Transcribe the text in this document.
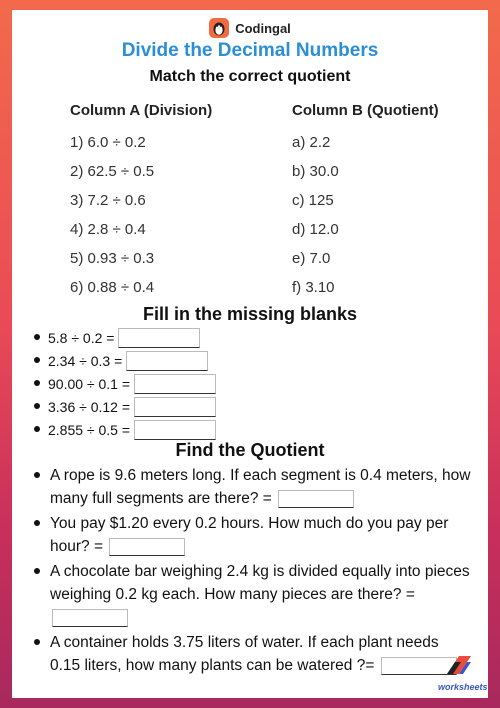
Codingal
Divide the Decimal Numbers
Match the correct quotient
Column A (Division)	Column B (Quotient)
1) 6.0 ÷ 0.2	a) 2.2
2) 62.5 ÷ 0.5	b) 30.0
3) 7.2 ÷ 0.6	c) 125
4) 2.8 ÷ 0.4	d) 12.0
5) 0.93 ÷ 0.3	e) 7.0
6) 0.88 ÷ 0.4	f) 3.10
Fill in the missing blanks
5.8 ÷ 0.2 =
2.34 ÷ 0.3 =
90.00 ÷ 0.1 =
3.36 ÷ 0.12 =
2.855 ÷ 0.5 =
Find the Quotient
A rope is 9.6 meters long. If each segment is 0.4 meters, how many full segments are there? =
You pay $1.20 every 0.2 hours. How much do you pay per hour? =
A chocolate bar weighing 2.4 kg is divided equally into pieces weighing 0.2 kg each. How many pieces are there? =
A container holds 3.75 liters of water. If each plant needs 0.15 liters, how many plants can be watered ?=
worksheets
